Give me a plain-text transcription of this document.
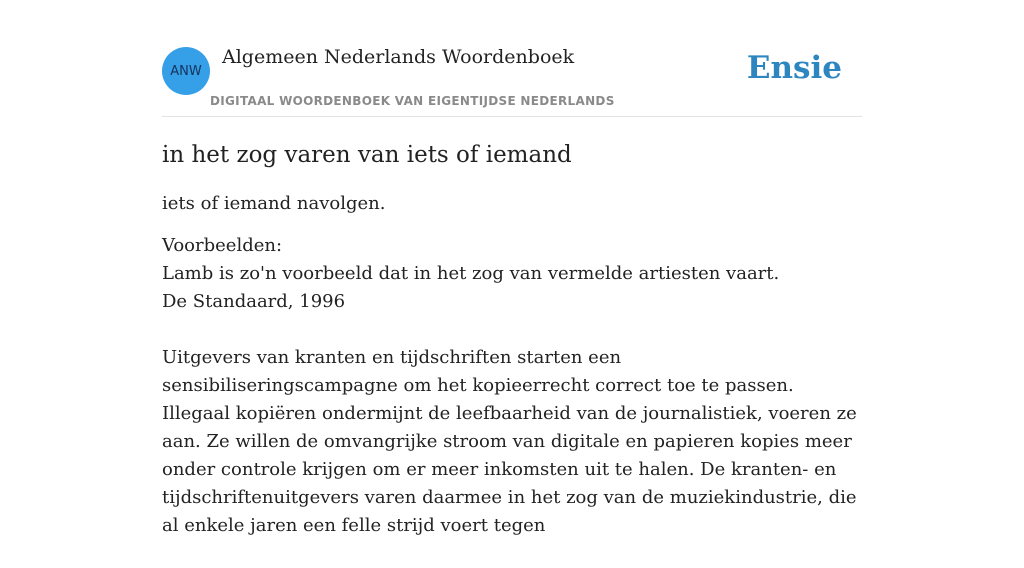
ANW
Algemeen Nederlands Woordenboek
DIGITAAL WOORDENBOEK VAN EIGENTIJDSE NEDERLANDS
Ensie
in het zog varen van iets of iemand

iets of iemand navolgen.

Voorbeelden:

Lamb is zo'n voorbeeld dat in het zog van vermelde artiesten vaart.

De Standaard, 1996

Uitgevers van kranten en tijdschriften starten een sensibiliseringscampagne om het kopieerrecht correct toe te passen. Illegaal kopiëren ondermijnt de leefbaarheid van de journalistiek, voeren ze aan. Ze willen de omvangrijke stroom van digitale en papieren kopies meer onder controle krijgen om er meer inkomsten uit te halen. De kranten- en tijdschriftenuitgevers varen daarmee in het zog van de muziekindustrie, die al enkele jaren een felle strijd voert tegen
